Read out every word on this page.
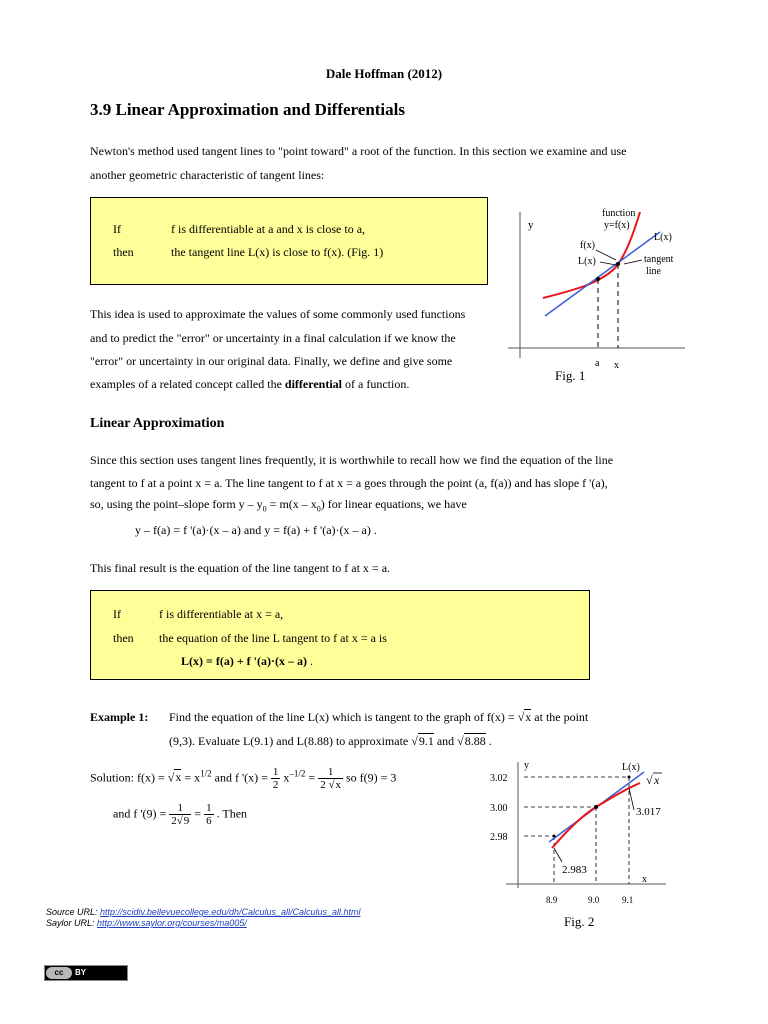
Dale Hoffman (2012)
3.9 Linear Approximation and Differentials
Newton's method used tangent lines to "point toward" a root of the function. In this section we examine and use
another geometric characteristic of tangent lines:
If	f is differentiable at a and x is close to a,
then	the tangent line L(x) is close to f(x). (Fig. 1)
y
function
y=f(x)
L(x)
f(x)
L(x)	tangent
line
a x
Fig. 1
This idea is used to approximate the values of some commonly used functions
and to predict the "error" or uncertainty in a final calculation if we know the
"error" or uncertainty in our original data. Finally, we define and give some
examples of a related concept called the differential of a function.
Linear Approximation
Since this section uses tangent lines frequently, it is worthwhile to recall how we find the equation of the line
tangent to f at a point x = a. The line tangent to f at x = a goes through the point (a, f(a)) and has slope f '(a),
so, using the point–slope form $y - y_0 = m(x - x_0)$ for linear equations, we have
y – f(a) = f '(a)·(x – a) and y = f(a) + f '(a)·(x – a) .
This final result is the equation of the line tangent to f at x = a.
If	f is differentiable at x = a,
then the equation of the line L tangent to f at x = a is
L(x) = f(a) + f '(a)·(x – a) .
Example 1: Find the equation of the line L(x) which is tangent to the graph of f(x) = √x at the point
(9,3). Evaluate L(9.1) and L(8.88) to approximate √9.1 and √8.88 .
Solution: $f(x) = √x = x^{1/2}$ and f '$(x) = \frac{1}{2} x^{-1/2} = \frac{1}{2 √x}$ so f(9) = 3
and f '$(9) = \frac{1}{2√9} = \frac{1}{6}$ . Then
y
x
3.02
3.00
2.98
L(x)
√ x
3.017
2.983
8.9	9.0	9.1
Fig. 2
Source URL: http://scidiv.bellevuecollege.edu/dh/Calculus_all/Calculus_all.html
Saylor URL: http://www.saylor.org/courses/ma005/
cc	BY
